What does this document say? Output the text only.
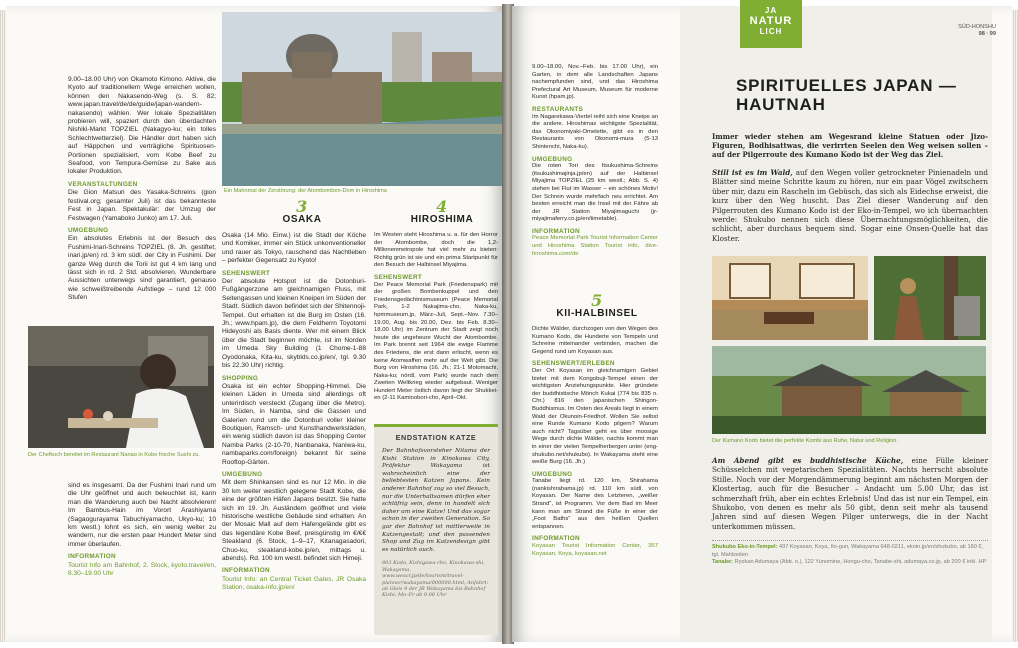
9.00–18.00 Uhr) von Okamoto Kimono. Aktive, die Kyoto auf traditionellem Wege erreichen wollen, können den Nakasendo-Weg (s. S. 82; www.japan.travel/de/de/guide/japan-wandern-nakasendo) wählen. Wer lokale Spezialitäten probieren will, spaziert durch den überdachten Nishiki-Markt TOPZIEL (Nakagyo-ku; ein tolles Schlechtwetterziel). Die Händler dort haben sich auf Häppchen und verträgliche Spirituosen-Portionen spezialisiert, vom Kobe Beef zu Seafood, von Tempura-Gemüse zu Sake aus lokaler Produktion.

VERANSTALTUNGEN

Die Gion Matsuri des Yasaka-Schreins (gion festival.org; gesamter Juli) ist das bekannteste Fest in Japan. Spektakulär: der Umzug der Festwagen (Yamaboko Junko) am 17. Juli.

UMGEBUNG

Ein absolutes Erlebnis ist der Besuch des Fushimi-Inari-Schreins TOPZIEL (8. Jh. gestiftet; inari.jp/en) rd. 3 km südl. der City in Fushimi. Der ganze Weg durch die Torii ist gut 4 km lang und lässt sich in rd. 2 Std. absolvieren. Wunderbare Aussichten unterwegs sind garantiert, genauso wie schweißtreibende Aufstiege – rund 12 000 Stufen

Der Chefkoch bereitet im Restaurant Nanao in Kobe frische Sushi zu.

sind es insgesamt. Da der Fushimi Inari rund um die Uhr geöffnet und auch beleuchtet ist, kann man die Wanderung auch bei Nacht absolvieren! Im Bambus-Hain im Vorort Arashiyama (Sagaogurayama Tabuchiyamacho, Ukyo-ku; 10 km westl.) lohnt es sich, ein wenig weiter zu wandern, nur die ersten paar Hundert Meter sind immer überlaufen.

INFORMATION

Tourist Info am Bahnhof, 2. Stock, kyoto.travel/en, 8.30–19.00 Uhr

Ein Mahnmal der Zerstörung: der Atombomben-Dom in Hiroshima
3
OSAKA
4
HIROSHIMA

Osaka (14 Mio. Einw.) ist die Stadt der Köche und Komiker, immer ein Stück unkonventioneller und rauer als Tokyo, rauschend das Nachtleben – perfekter Gegensatz zu Kyoto!

SEHENSWERT

Der absolute Hotspot ist die Dotonburi-Fußgängerzone am gleichnamigen Fluss, mit Seitengassen und kleinen Kneipen im Süden der Stadt. Südlich davon befindet sich der Shitennoji-Tempel. Gut erhalten ist die Burg im Osten (16. Jh.; www.hpam.jp), die dem Feldherrn Toyotomi Hideyoshi als Basis diente. Wer mit einem Blick über die Stadt beginnen möchte, ist im Norden im Umeda Sky Building (1 Chome-1-88 Oyodonaka, Kita-ku, skyblds.co.jp/en/, tgl. 9.30 bis 22.30 Uhr) richtig.

SHOPPING

Osaka ist ein echter Shopping-Himmel. Die kleinen Läden in Umeda sind allerdings oft unterirdisch versteckt (Zugang über die Metro). Im Süden, in Namba, sind die Gassen und Galerien rund um die Dotonburi voller kleiner Boutiquen, Ramsch- und Kunsthandwerksläden, ein wenig südlich davon ist das Shopping Center Namba Parks (2-10-70, Nanbanaka, Naniwa-ku, nambaparks.com/foreign) bekannt für seine Rooftop-Gärten.

UMGEBUNG

Mit dem Shinkansen sind es nur 12 Min. in die 30 km weiter westlich gelegene Stadt Kobe, die eine der größten Häfen Japans besitzt. Sie hatte sich im 19. Jh. Ausländern geöffnet und viele historische westliche Gebäude sind erhalten. An der Mosaic Mall auf dem Hafengelände gibt es das legendäre Kobe Beef, preisgünstig im €/€€ Steakland (6. Stock, 1–9–17, Kitanagasadori, Chuo-ku, steakland-kobe.jp/en, mittags u. abends). Rd. 100 km westl. befindet sich Himeji.

INFORMATION

Tourist Info: an Central Ticket Gates, JR Osaka Station, osaka-info.jp/en/

Im Westen steht Hiroshima u. a. für den Horror der Atombombe, doch die 1,2-Millionenmetropole hat viel mehr zu bieten: Richtig grün ist sie und ein prima Startpunkt für den Besuch der Halbinsel Miyajima.

SEHENSWERT

Der Peace Memorial Park (Friedenspark) mit der großen Bombenkuppel und den Friedensgedächtnismuseum (Peace Memorial Park, 1-2 Nakajima-cho, Naka-ku, hpmmuseum.jp, März–Juli, Sept.–Nov. 7.30–19.00, Aug. bis 20.00, Dez. bis Feb. 8.30–18.00 Uhr) im Zentrum der Stadt zeigt noch heute die ungeheure Wucht der Atombombe. Im Park brennt seit 1964 die ewige Flamme des Friedens, die erst dann erlischt, wenn es keine Atomwaffen mehr auf der Welt gibt. Die Burg von Hiroshima (16. Jh.; 21-1 Motomachi, Naka-ku; nördl. vom Park) wurde nach dem Zweiten Weltkrieg wieder aufgebaut. Weniger Hundert Meter östlich davon liegt der Shukkei-en (2-11 Kaminobori-cho, April–Okt.

ENDSTATION KATZE
Der Bahnhofsvorsteher Nitama der Kishi Station in Kinokawa City, Präfektur Wakayama ist wahrscheinlich eine der beliebtesten Katzen Japans. Kein anderer Bahnhof zog so viel Besuch, nur die Unterhaltsamen dürfen eher schläfrig sein, denn in handelt sich daher um eine Katze! Und das sogar schon in der zweiten Generation. So gar der Bahnhof ist mittlerweile in Katzengestalt; und den passenden Shop und Zug im Katzendesign gibt es natürlich auch.
803 Kodo, Kishigawa-cho, Kinokawa-shi, Wakayama, www.wescr.jp/de/tourism/travel-planner/wakayama/000000.html; Anfahrt: ab Gleis 9 der JR Wakayama bis Bahnhof Kishi; Mo–Fr ab 9.00 Uhr

9.00–18.00, Nov.–Feb. bis 17.00 Uhr), ein Garten, in dem alle Landschaften Japans nachempfunden sind, und das Hiroshima Prefectural Art Museum, Museum für moderne Kunst (hpam.jp).

RESTAURANTS

Im Nagarekawa-Viertel reiht sich eine Kneipe an die andere. Hiroshimas wichtigste Spezialität, das Okonomiyaki-Omelette, gibt es in den Restaurants von Okonomi-mura (5-13 Shintenchi, Naka-ku).

UMGEBUNG

Die roten Tori des Itsukushima-Schreins (itsukushimajinja.jp/en) auf der Halbinsel Miyajima TOPZIEL (25 km westl.; Abb. S. 4) stehen bei Flut im Wasser – ein schönes Motiv! Der Schrein wurde mehrfach neu errichtet. Am besten erreicht man die Insel mit der Fähre ab der JR Station Miyajimaguchi (jr-miyajimaferry.co.jp/en/timetable).

INFORMATION

Peace Memorial Park Tourist Information Center und Hiroshima Station Tourist info, dive-hiroshima.com/de

5
KII-HALBINSEL

Dichte Wälder, durchzogen von den Wegen des Kumano Kodo, die Hunderte von Tempeln und Schreine miteinander verbinden, machen die Gegend rund um Koyasan aus.

SEHENSWERT/ERLEBEN

Der Ort Koyasan im gleichnamigen Gebiet bietet mit dem Kongobuji-Tempel einen der wichtigsten Anziehungspunkte. Hier gründete der buddhistische Mönch Kukai (774 bis 835 n. Chr.) 816 den japanischen Shingon-Buddhismus. Im Osten des Areals liegt in einem Wald der Okunoin-Friedhof. Wollen Sie selbst eine Runde Kumano Kodo pilgern? Warum auch nicht? Tagsüber geht es über moosige Wege durch dichte Wälder, nachts kommt man in einer der vielen Tempelherbergen unter (eng-shukubo.net/shukubo). In Wakayama steht eine weiße Burg (16. Jh.)

UMGEBUNG

Tanabe liegt rd. 120 km, Shirahama (nankishirahama.jp) rd. 110 km südl. von Koyasan. Der Name des Letzteren, „weißer Strand“, ist Programm. Vor dem Bad im Meer kann man am Strand die Füße in einer der „Foot Baths“ aus den heißen Quellen entspannen.

INFORMATION

Koyasan Tourist Information Center, 357 Koyasan, Koya, koyasan.net

JA
NATUR
LICH	SÜD-HONSHU
98 · 99
SPIRITUELLES JAPAN —
HAUTNAH
Immer wieder stehen am Wegesrand kleine Statuen oder Jizo-Figuren, Bodhisattwas, die verirrten Seelen den Weg weisen sollen – auf der Pilgerroute des Kumano Kodo ist der Weg das Ziel.
Still ist es im Wald, auf den Wegen voller getrockneter Pinienadeln und Blätter sind meine Schritte kaum zu hören, nur ein paar Vögel zwitschern über mir, dazu ein Rascheln im Gebüsch, das sich als Eidechse erweist, die kurz über den Weg huscht. Das Ziel dieser Wanderung auf den Pilgerrouten des Kumano Kodo ist der Eko-in-Tempel, wo ich übernachten werde: Shukubo nennen sich diese Übernachtungsmöglichkeiten, die schlicht, aber durchaus bequem sind. Sogar eine Onsen-Quelle hat das Kloster.
Der Kumano Kodo bietet die perfekte Kombi aus Ruhe, Natur und Religion.
Am Abend gibt es buddhistische Küche, eine Fülle kleiner Schüsselchen mit vegetarischen Spezialitäten. Nachts herrscht absolute Stille. Noch vor der Morgendämmerung beginnt am nächsten Morgen der Klostertag, auch für die Besucher – Andacht um 5.00 Uhr, das ist schmerzhaft früh, aber ein echtes Erlebnis! Und das ist nur ein Tempel, ein Shukobo, von denen es mehr als 50 gibt, denn seit mehr als tausend Jahren sind auf diesen Wegen Pilger unterwegs, die in der Nacht unterkommen müssen.
Shukubo Eko-in-Tempel: 497 Koyasan, Koya, Ito-gun, Wakayama 648-0211, ekoin.jp/en/shukubo, ab 160 €, tgl. Mahlzeiten
Tanabe: Ryokan Adumaya (Abb. o.), 122 Yunomine, Hongu-cho, Tanabe-shi, adumaya.co.jp, ab 200 € inkl. HP
